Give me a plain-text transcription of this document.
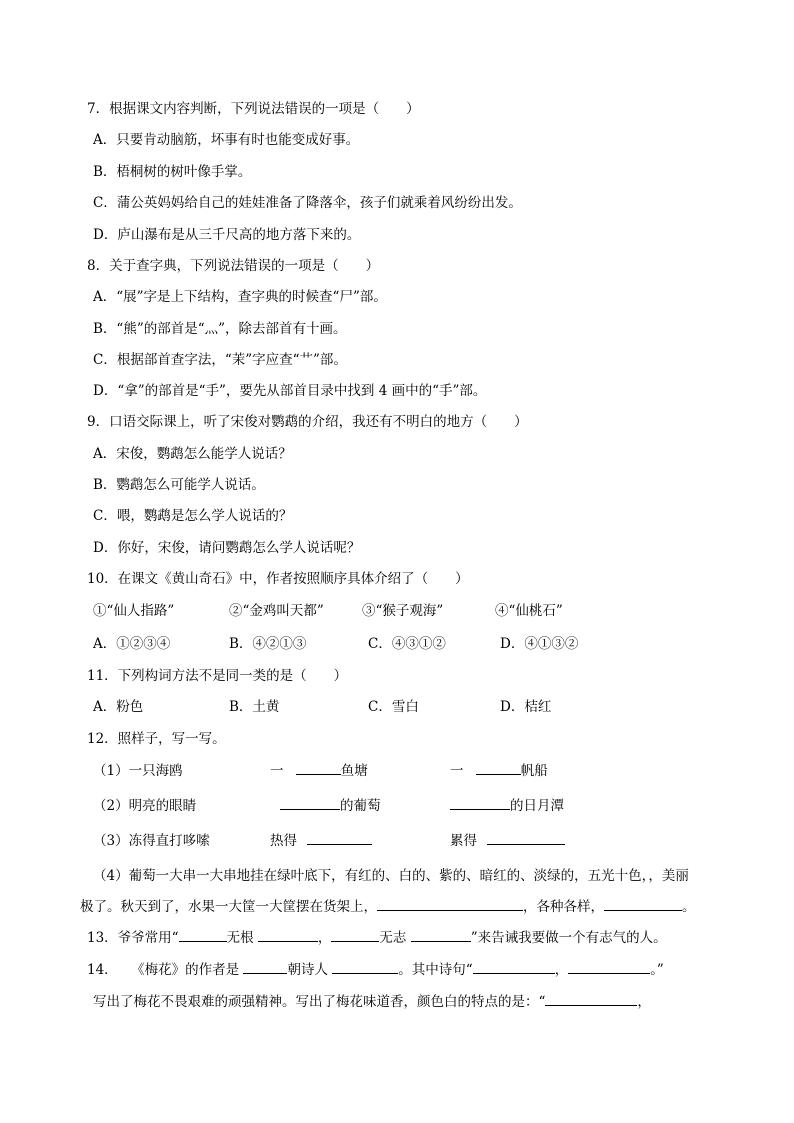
7．根据课文内容判断，下列说法错误的一项是（　　）
A．只要肯动脑筋，坏事有时也能变成好事。
B．梧桐树的树叶像手掌。
C．蒲公英妈妈给自己的娃娃准备了降落伞，孩子们就乘着风纷纷出发。
D．庐山瀑布是从三千尺高的地方落下来的。
8．关于查字典，下列说法错误的一项是（　　）
A．“展”字是上下结构，查字典的时候查“尸”部。
B．“熊”的部首是“灬”，除去部首有十画。
C．根据部首查字法，“茉”字应查“艹”部。
D．“拿”的部首是“手”，要先从部首目录中找到 4 画中的“手”部。
9．口语交际课上，听了宋俊对鹦鹉的介绍，我还有不明白的地方（　　）
A．宋俊，鹦鹉怎么能学人说话？
B．鹦鹉怎么可能学人说话。
C．喂，鹦鹉是怎么学人说话的？
D．你好，宋俊，请问鹦鹉怎么学人说话呢？
10．在课文《黄山奇石》中，作者按照顺序具体介绍了（　　）
①“仙人指路”	②“金鸡叫天都”	③“猴子观海”	④“仙桃石”
A．①②③④	B．④②①③	C．④③①②	D．④①③②
11．下列构词方法不是同一类的是（　　）
A．粉色	B．土黄	C．雪白	D．桔红
12．照样子，写一写。
（1）一只海鸥	一	鱼塘	一	帆船
（2）明亮的眼睛	的葡萄	的日月潭
（3）冻得直打哆嗦	热得	累得
（4）葡萄一大串一大串地挂在绿叶底下，有红的、白的、紫的、暗红的、淡绿的，五光十色，，美丽
极了。秋天到了，水果一大筐一大筐摆在货架上，	，各种各样，	。
13．爷爷常用“	无根	，	无志	”来告诫我要做一个有志气的人。
14．　　《梅花》的作者是	朝诗人	。其中诗句“	，	。”
写出了梅花不畏艰难的顽强精神。写出了梅花味道香，颜色白的特点的是：“	，
